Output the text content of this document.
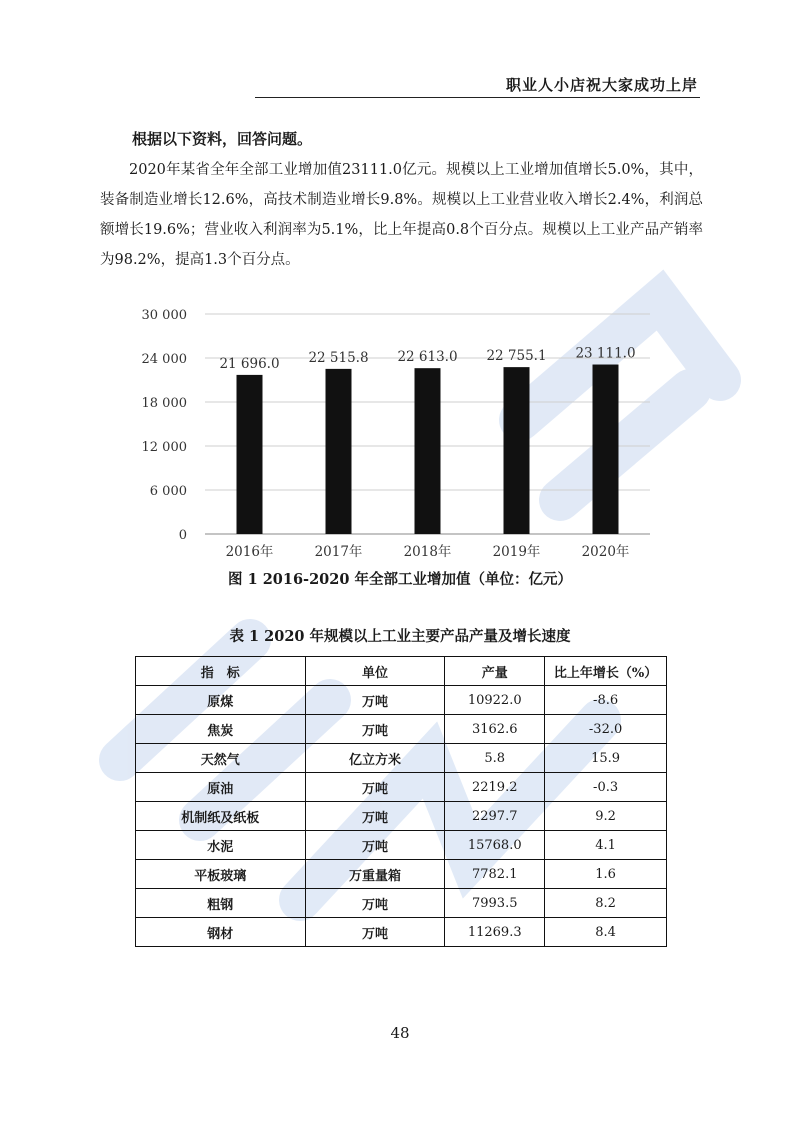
职业人小店祝大家成功上岸
根据以下资料，回答问题。

2020年某省全年全部工业增加值23111.0亿元。规模以上工业增加值增长5.0%，其中，装备制造业增长12.6%，高技术制造业增长9.8%。规模以上工业营业收入增长2.4%，利润总额增长19.6%；营业收入利润率为5.1%，比上年提高0.8个百分点。规模以上工业产品产销率为98.2%，提高1.3个百分点。

0
6 000
12 000
18 000
24 000
30 000
21 696.0
2016年
22 515.8
2017年
22 613.0
2018年
22 755.1
2019年
23 111.0
2020年
图 1 2016-2020 年全部工业增加值（单位：亿元）
表 1 2020 年规模以上工业主要产品产量及增长速度
指　标	单位	产量	比上年增长（%）
原煤	万吨	10922.0	-8.6
焦炭	万吨	3162.6	-32.0
天然气	亿立方米	5.8	15.9
原油	万吨	2219.2	-0.3
机制纸及纸板	万吨	2297.7	9.2
水泥	万吨	15768.0	4.1
平板玻璃	万重量箱	7782.1	1.6
粗钢	万吨	7993.5	8.2
钢材	万吨	11269.3	8.4
48
